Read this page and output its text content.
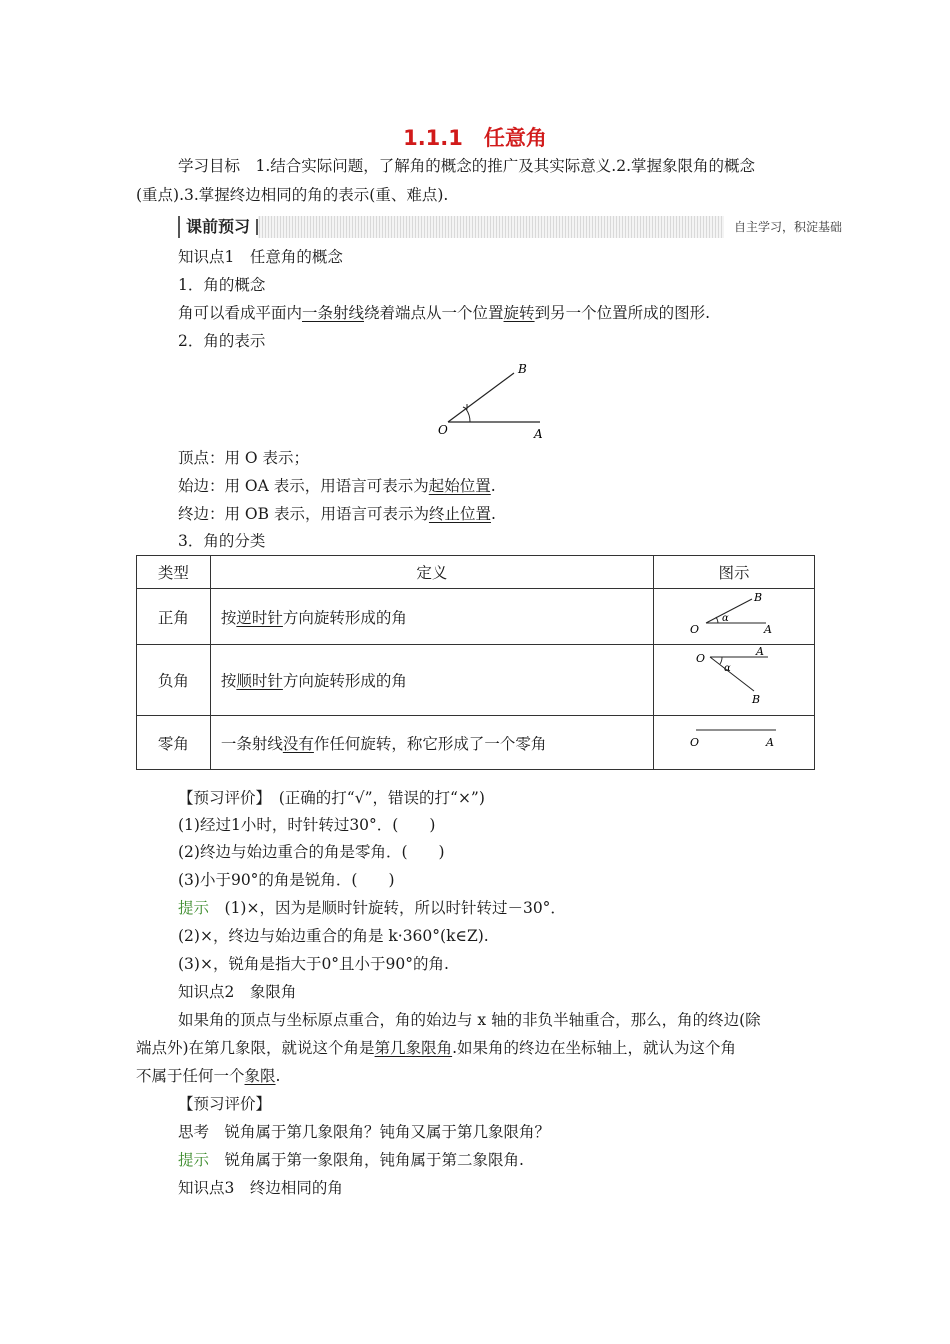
1.1.1　任意角
学习目标　1.结合实际问题，了解角的概念的推广及其实际意义.2.掌握象限角的概念
(重点).3.掌握终边相同的角的表示(重、难点).
课前预习	自主学习，积淀基础
知识点1　任意角的概念
1．角的概念
角可以看成平面内一条射线绕着端点从一个位置旋转到另一个位置所成的图形.
2．角的表示
O	A
B
顶点：用 O 表示；
始边：用 OA 表示，用语言可表示为起始位置.
终边：用 OB 表示，用语言可表示为终止位置.
3．角的分类
类型	定义	图示
正角	按逆时针方向旋转形成的角	O A
B
α

负角	按顺时针方向旋转形成的角	O
A
B
α

零角	一条射线没有作任何旋转，称它形成了一个零角	O A
【预习评价】　(正确的打“√”，错误的打“×”)
(1)经过1小时，时针转过30°．(　　)
(2)终边与始边重合的角是零角．(　　)
(3)小于90°的角是锐角．(　　)
提示　(1)×，因为是顺时针旋转，所以时针转过－30°．
(2)×，终边与始边重合的角是 k·360°(k∈Z).
(3)×，锐角是指大于0°且小于90°的角.
知识点2　象限角
如果角的顶点与坐标原点重合，角的始边与 x 轴的非负半轴重合，那么，角的终边(除
端点外)在第几象限，就说这个角是第几象限角.如果角的终边在坐标轴上，就认为这个角
不属于任何一个象限.
【预习评价】
思考　锐角属于第几象限角？钝角又属于第几象限角？
提示　锐角属于第一象限角，钝角属于第二象限角.
知识点3　终边相同的角
